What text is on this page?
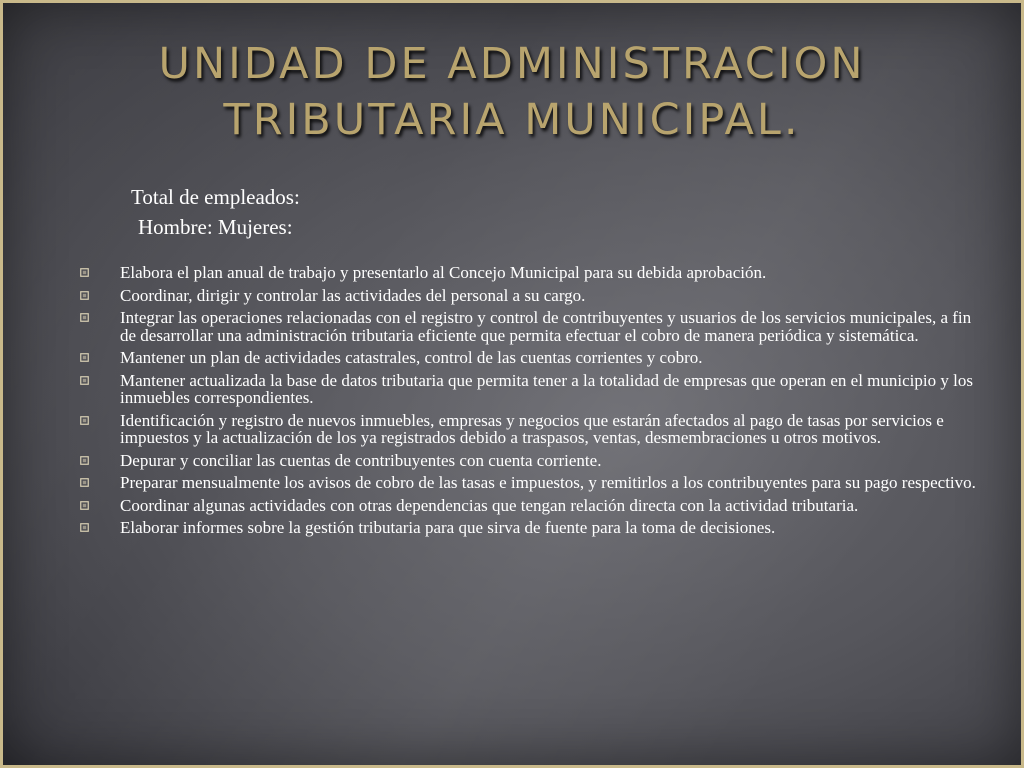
UNIDAD DE ADMINISTRACION
TRIBUTARIA MUNICIPAL.
Total de empleados:
Hombre: Mujeres:
Elabora el plan anual de trabajo y presentarlo al Concejo Municipal para su debida aprobación.
Coordinar, dirigir y controlar las actividades del personal a su cargo.
Integrar las operaciones relacionadas con el registro y control de contribuyentes y usuarios de los servicios municipales, a fin de desarrollar una administración tributaria eficiente que permita efectuar el cobro de manera periódica y sistemática.
Mantener un plan de actividades catastrales, control de las cuentas corrientes y cobro.
Mantener actualizada la base de datos tributaria que permita tener a la totalidad de empresas que operan en el municipio y los inmuebles correspondientes.
Identificación y registro de nuevos inmuebles, empresas y negocios que estarán afectados al pago de tasas por servicios e impuestos y la actualización de los ya registrados debido a traspasos, ventas, desmembraciones u otros motivos.
Depurar y conciliar las cuentas de contribuyentes con cuenta corriente.
Preparar mensualmente los avisos de cobro de las tasas e impuestos, y remitirlos a los contribuyentes para su pago respectivo.
Coordinar algunas actividades con otras dependencias que tengan relación directa con la actividad tributaria.
Elaborar informes sobre la gestión tributaria para que sirva de fuente para la toma de decisiones.
